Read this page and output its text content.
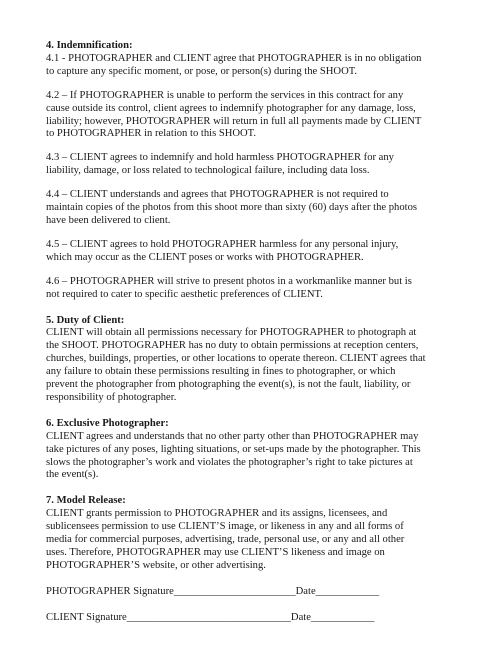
4. Indemnification:

4.1 - PHOTOGRAPHER and CLIENT agree that PHOTOGRAPHER is in no obligation
to capture any specific moment, or pose, or person(s) during the SHOOT.

4.2 – If PHOTOGRAPHER is unable to perform the services in this contract for any
cause outside its control, client agrees to indemnify photographer for any damage, loss,
liability; however, PHOTOGRAPHER will return in full all payments made by CLIENT
to PHOTOGRAPHER in relation to this SHOOT.

4.3 – CLIENT agrees to indemnify and hold harmless PHOTOGRAPHER for any
liability, damage, or loss related to technological failure, including data loss.

4.4 – CLIENT understands and agrees that PHOTOGRAPHER is not required to
maintain copies of the photos from this shoot more than sixty (60) days after the photos
have been delivered to client.

4.5 – CLIENT agrees to hold PHOTOGRAPHER harmless for any personal injury,
which may occur as the CLIENT poses or works with PHOTOGRAPHER.

4.6 – PHOTOGRAPHER will strive to present photos in a workmanlike manner but is
not required to cater to specific aesthetic preferences of CLIENT.

5. Duty of Client:

CLIENT will obtain all permissions necessary for PHOTOGRAPHER to photograph at
the SHOOT. PHOTOGRAPHER has no duty to obtain permissions at reception centers,
churches, buildings, properties, or other locations to operate thereon. CLIENT agrees that
any failure to obtain these permissions resulting in fines to photographer, or which
prevent the photographer from photographing the event(s), is not the fault, liability, or
responsibility of photographer.

6. Exclusive Photographer:

CLIENT agrees and understands that no other party other than PHOTOGRAPHER may
take pictures of any poses, lighting situations, or set-ups made by the photographer. This
slows the photographer’s work and violates the photographer’s right to take pictures at
the event(s).

7. Model Release:

CLIENT grants permission to PHOTOGRAPHER and its assigns, licensees, and
sublicensees permission to use CLIENT’S image, or likeness in any and all forms of
media for commercial purposes, advertising, trade, personal use, or any and all other
uses. Therefore, PHOTOGRAPHER may use CLIENT’S likeness and image on
PHOTOGRAPHER’S website, or other advertising.

PHOTOGRAPHER Signature_______________________Date____________

CLIENT Signature_______________________________Date____________
